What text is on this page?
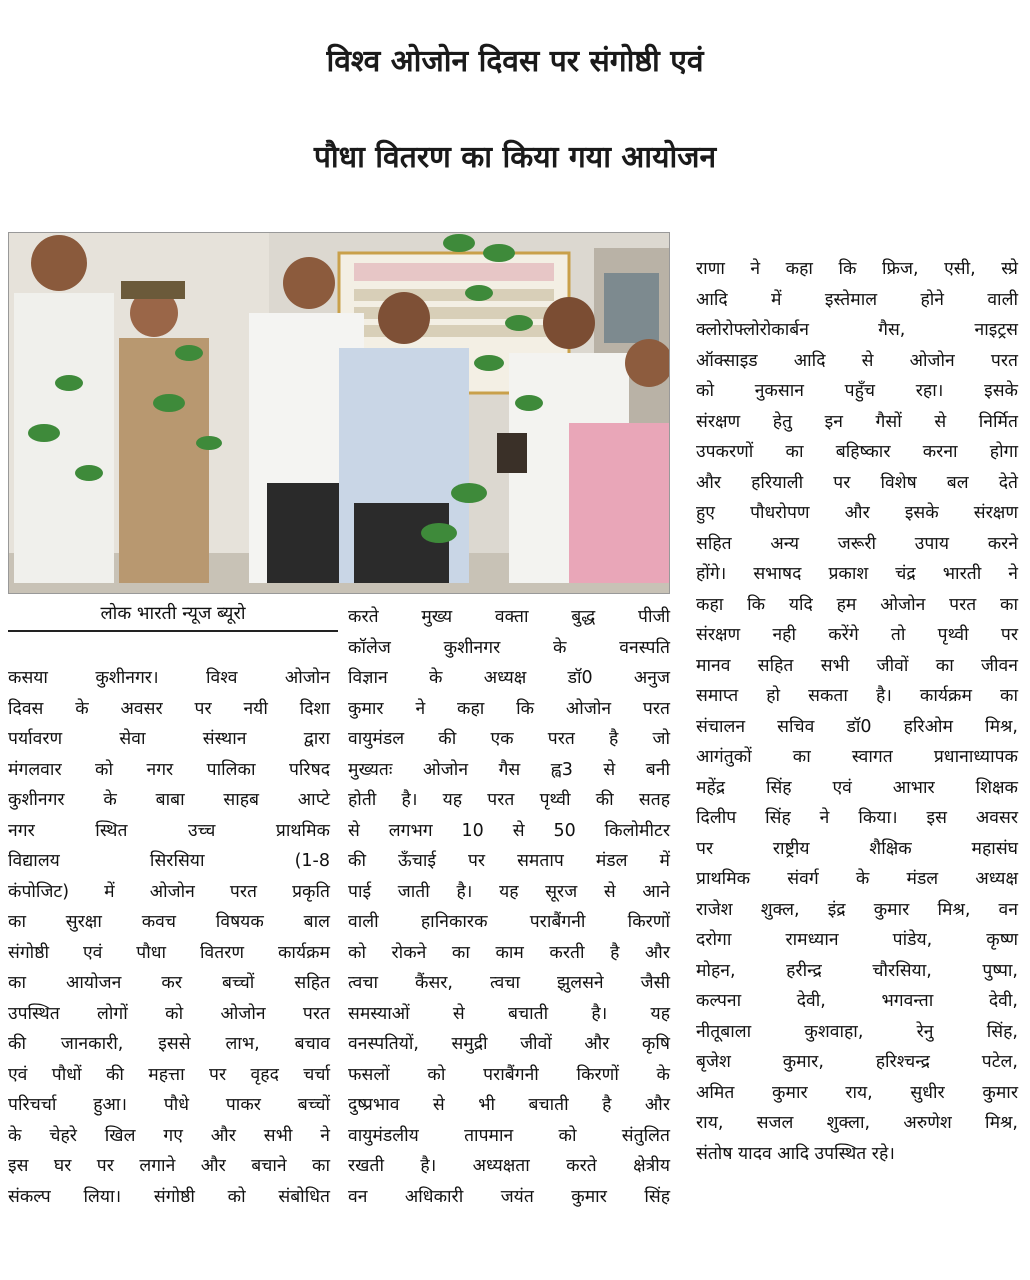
विश्व ओजोन दिवस पर संगोष्ठी एवं
पौधा वितरण का किया गया आयोजन
लोक भारती न्यूज ब्यूरो
कसया कुशीनगर। विश्व ओजोन
दिवस के अवसर पर नयी दिशा
पर्यावरण सेवा संस्थान द्वारा
मंगलवार को नगर पालिका परिषद
कुशीनगर के बाबा साहब आप्टे
नगर स्थित उच्च प्राथमिक
विद्यालय सिरसिया (1-8
कंपोजिट) में ओजोन परत प्रकृति
का सुरक्षा कवच विषयक बाल
संगोष्ठी एवं पौधा वितरण कार्यक्रम
का आयोजन कर बच्चों सहित
उपस्थित लोगों को ओजोन परत
की जानकारी, इससे लाभ, बचाव
एवं पौधों की महत्ता पर वृहद चर्चा
परिचर्चा हुआ। पौधे पाकर बच्चों
के चेहरे खिल गए और सभी ने
इस घर पर लगाने और बचाने का
संकल्प लिया। संगोष्ठी को संबोधित
करते मुख्य वक्ता बुद्ध पीजी
कॉलेज कुशीनगर के वनस्पति
विज्ञान के अध्यक्ष डॉ0 अनुज
कुमार ने कहा कि ओजोन परत
वायुमंडल की एक परत है जो
मुख्यतः ओजोन गैस ह्व3 से बनी
होती है। यह परत पृथ्वी की सतह
से लगभग 10 से 50 किलोमीटर
की ऊँचाई पर समताप मंडल में
पाई जाती है। यह सूरज से आने
वाली हानिकारक पराबैंगनी किरणों
को रोकने का काम करती है और
त्वचा कैंसर, त्वचा झुलसने जैसी
समस्याओं से बचाती है। यह
वनस्पतियों, समुद्री जीवों और कृषि
फसलों को पराबैंगनी किरणों के
दुष्प्रभाव से भी बचाती है और
वायुमंडलीय तापमान को संतुलित
रखती है। अध्यक्षता करते क्षेत्रीय
वन अधिकारी जयंत कुमार सिंह
राणा ने कहा कि फ्रिज, एसी, स्प्रे
आदि में इस्तेमाल होने वाली
क्लोरोफ्लोरोकार्बन गैस, नाइट्रस
ऑक्साइड आदि से ओजोन परत
को नुकसान पहुँच रहा। इसके
संरक्षण हेतु इन गैसों से निर्मित
उपकरणों का बहिष्कार करना होगा
और हरियाली पर विशेष बल देते
हुए पौधरोपण और इसके संरक्षण
सहित अन्य जरूरी उपाय करने
होंगे। सभाषद प्रकाश चंद्र भारती ने
कहा कि यदि हम ओजोन परत का
संरक्षण नही करेंगे तो पृथ्वी पर
मानव सहित सभी जीवों का जीवन
समाप्त हो सकता है। कार्यक्रम का
संचालन सचिव डॉ0 हरिओम मिश्र,
आगंतुकों का स्वागत प्रधानाध्यापक
महेंद्र सिंह एवं आभार शिक्षक
दिलीप सिंह ने किया। इस अवसर
पर राष्ट्रीय शैक्षिक महासंघ
प्राथमिक संवर्ग के मंडल अध्यक्ष
राजेश शुक्ल, इंद्र कुमार मिश्र, वन
दरोगा रामध्यान पांडेय, कृष्ण
मोहन, हरीन्द्र चौरसिया, पुष्पा,
कल्पना देवी, भगवन्ता देवी,
नीतूबाला कुशवाहा, रेनु सिंह,
बृजेश कुमार, हरिश्चन्द्र पटेल,
अमित कुमार राय, सुधीर कुमार
राय, सजल शुक्ला, अरुणेश मिश्र,
संतोष यादव आदि उपस्थित रहे।
